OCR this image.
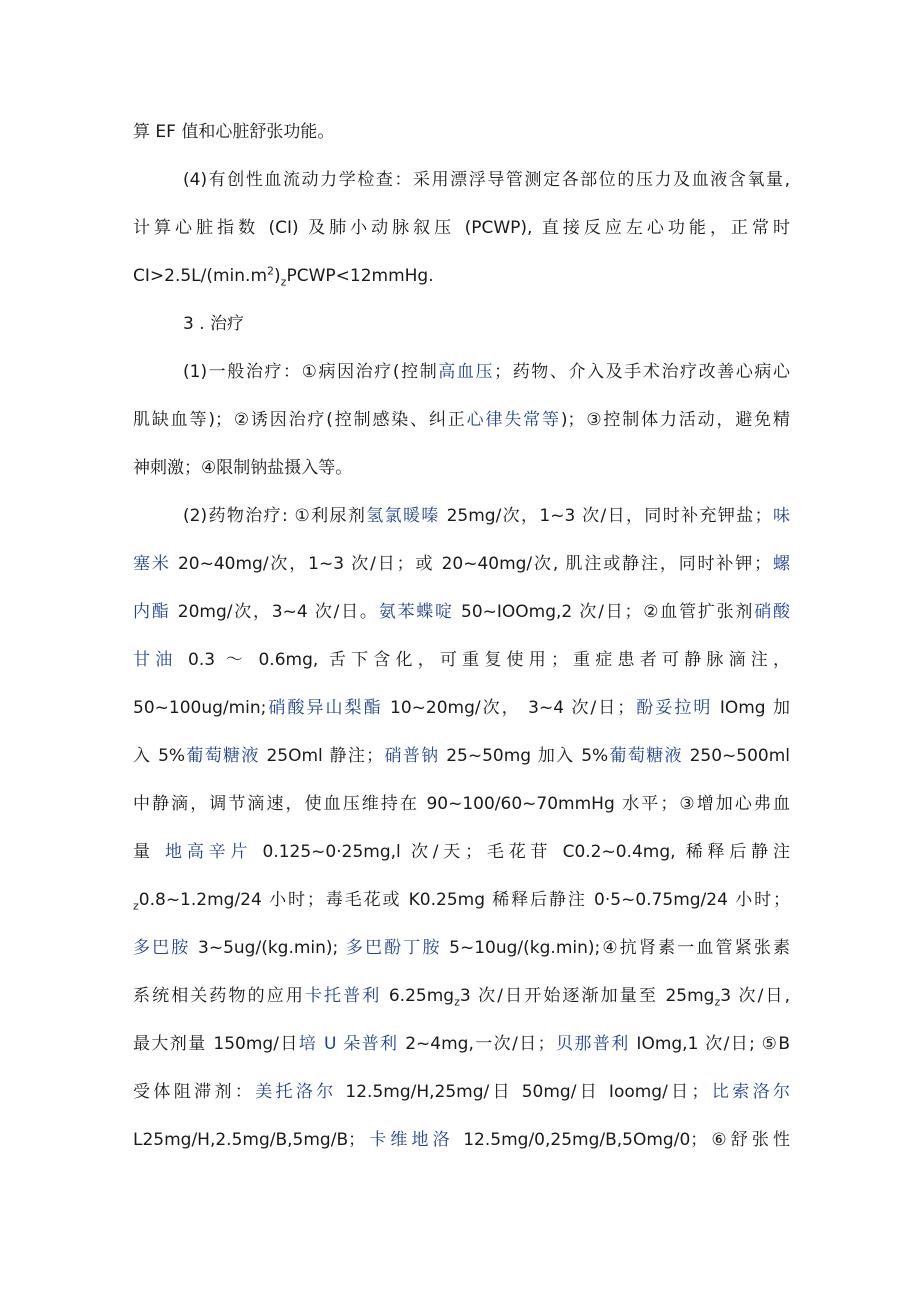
算 EF 值和心脏舒张功能。
(4)有创性血流动力学检查：采用漂浮导管测定各部位的压力及血液含氧量,
计算心脏指数 (CI) 及肺小动脉叙压 (PCWP), 直接反应左心功能，正常时
$CI>2.5L/(\min.m^2)_zPCWP<12mmHg$.
3 . 治疗
(1)一般治疗：①病因治疗(控制高血压；药物、介入及手术治疗改善心病心
肌缺血等)；②诱因治疗(控制感染、纠正心律失常等)；③控制体力活动，避免精
神刺激；④限制钠盐摄入等。
(2)药物治疗: ①利尿剂氢氯暖嗪 25mg/次，1~3 次/日，同时补充钾盐；味
塞米 20~40mg/次，1~3 次/日；或 20~40mg/次, 肌注或静注，同时补钾；螺
内酯 20mg/次，3~4 次/日。氨苯蝶啶 50~IOOmg,2 次/日；②血管扩张剂硝酸
甘油 0.3 ～ 0.6mg, 舌下含化，可重复使用；重症患者可静脉滴注，
50~100ug/min;硝酸异山梨酯 10~20mg/次， 3~4 次/日；酚妥拉明 IOmg 加
入 5%葡萄糖液 25Oml 静注；硝普钠 25~50mg 加入 5%葡萄糖液 250~500ml
中静滴，调节滴速，使血压维持在 90~100/60~70mmHg 水平；③增加心弗血
量 地高辛片 0.125~0·25mg,l 次/天；毛花苷 C0.2~0.4mg, 稀释后静注
$_z$0.8~1.2mg/24 小时；毒毛花或 K0.25mg 稀释后静注 0·5~0.75mg/24 小时；
多巴胺 3~5ug/(kg.min); 多巴酚丁胺 5~10ug/(kg.min);④抗肾素一血管紧张素
系统相关药物的应用卡托普利 $6.25mg_z3$ 次/日开始逐渐加量至 $25mg_z3$ 次/日,
最大剂量 150mg/日培 U 朵普利 2~4mg,一次/日；贝那普利 IOmg,1 次/日; ⑤B
受体阻滞剂：美托洛尔 12.5mg/H,25mg/日 50mg/日 Ioomg/日；比索洛尔
L25mg/H,2.5mg/B,5mg/B；卡维地洛 12.5mg/0,25mg/B,5Omg/0；⑥舒张性
